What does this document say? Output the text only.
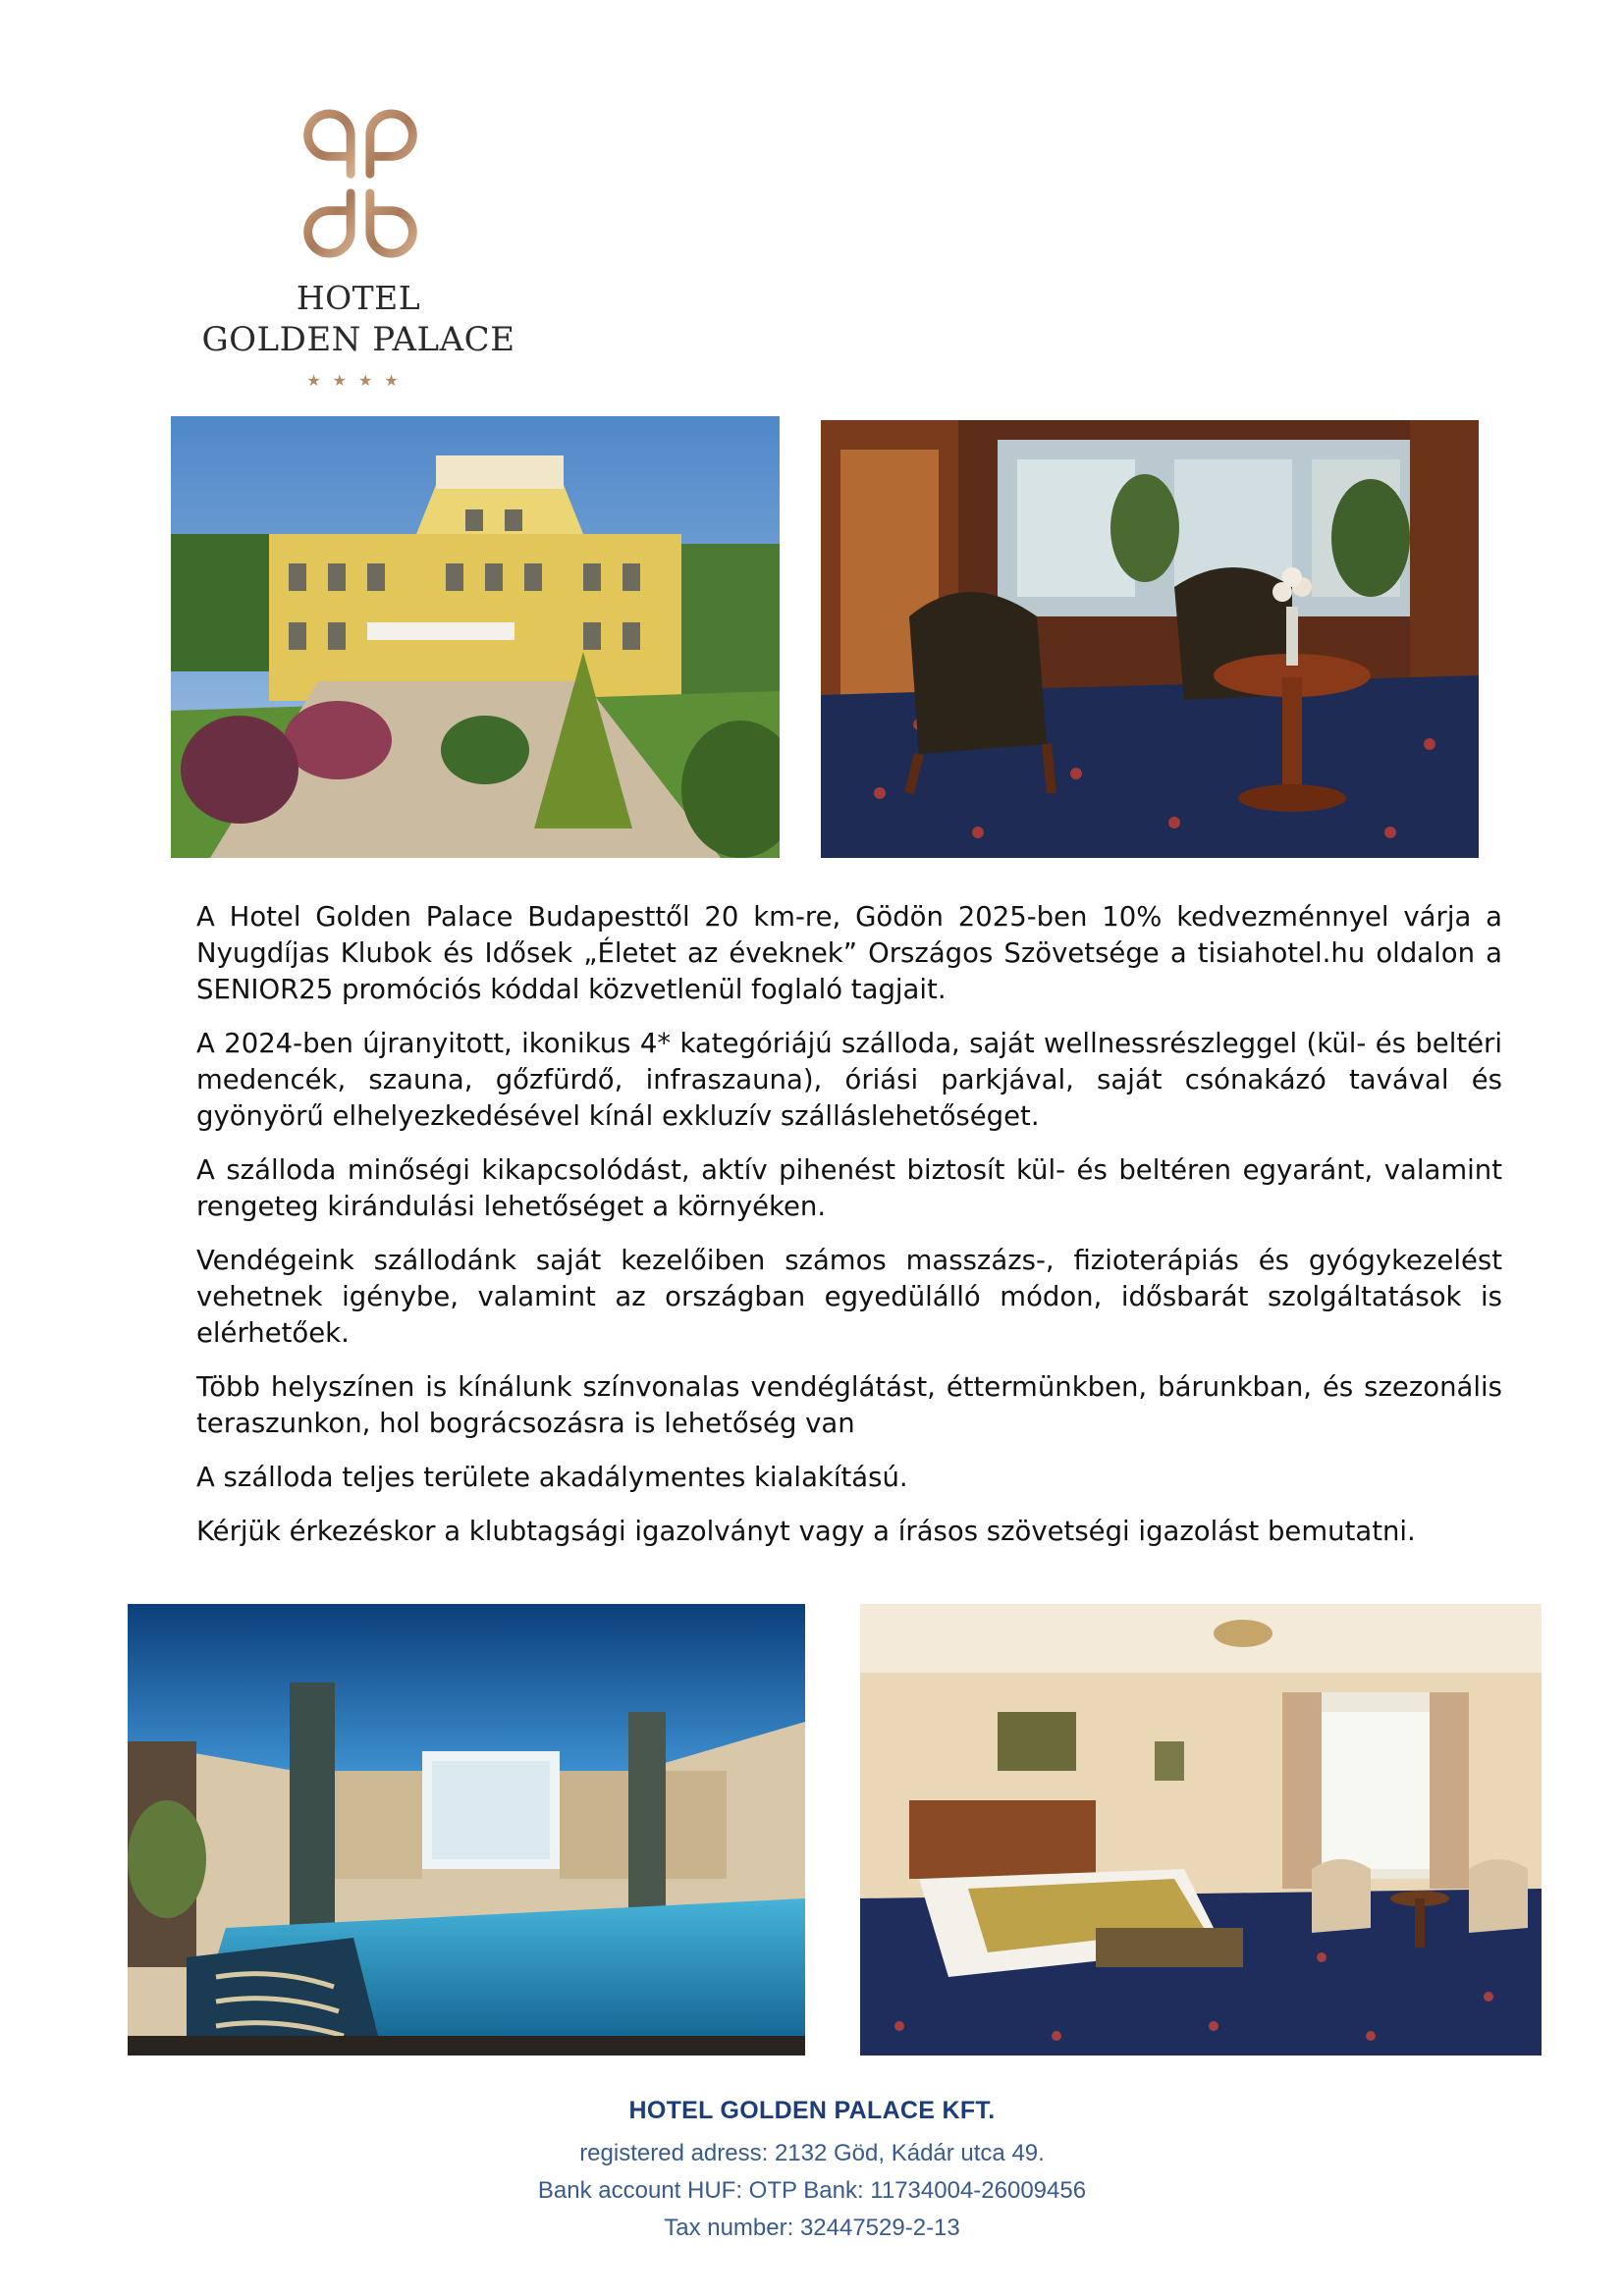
HOTEL
GOLDEN PALACE
★★★★

A Hotel Golden Palace Budapesttől 20 km-re, Gödön 2025-ben 10% kedvezménnyel várja a Nyugdíjas Klubok és Idősek „Életet az éveknek” Országos Szövetsége a tisiahotel.hu oldalon a SENIOR25 promóciós kóddal közvetlenül foglaló tagjait.

A 2024-ben újranyitott, ikonikus 4* kategóriájú szálloda, saját wellnessrészleggel (kül- és beltéri medencék, szauna, gőzfürdő, infraszauna), óriási parkjával, saját csónakázó tavával és gyönyörű elhelyezkedésével kínál exkluzív szálláslehetőséget.

A szálloda minőségi kikapcsolódást, aktív pihenést biztosít kül- és beltéren egyaránt, valamint rengeteg kirándulási lehetőséget a környéken.

Vendégeink szállodánk saját kezelőiben számos masszázs-, fizioterápiás és gyógykezelést vehetnek igénybe, valamint az országban egyedülálló módon, idősbarát szolgáltatások is elérhetőek.

Több helyszínen is kínálunk színvonalas vendéglátást, éttermünkben, bárunkban, és szezonális teraszunkon, hol bográcsozásra is lehetőség van

A szálloda teljes területe akadálymentes kialakítású.

Kérjük érkezéskor a klubtagsági igazolványt vagy a írásos szövetségi igazolást bemutatni.

HOTEL GOLDEN PALACE KFT.
registered adress: 2132 Göd, Kádár utca 49.
Bank account HUF: OTP Bank: 11734004-26009456
Tax number: 32447529-2-13
